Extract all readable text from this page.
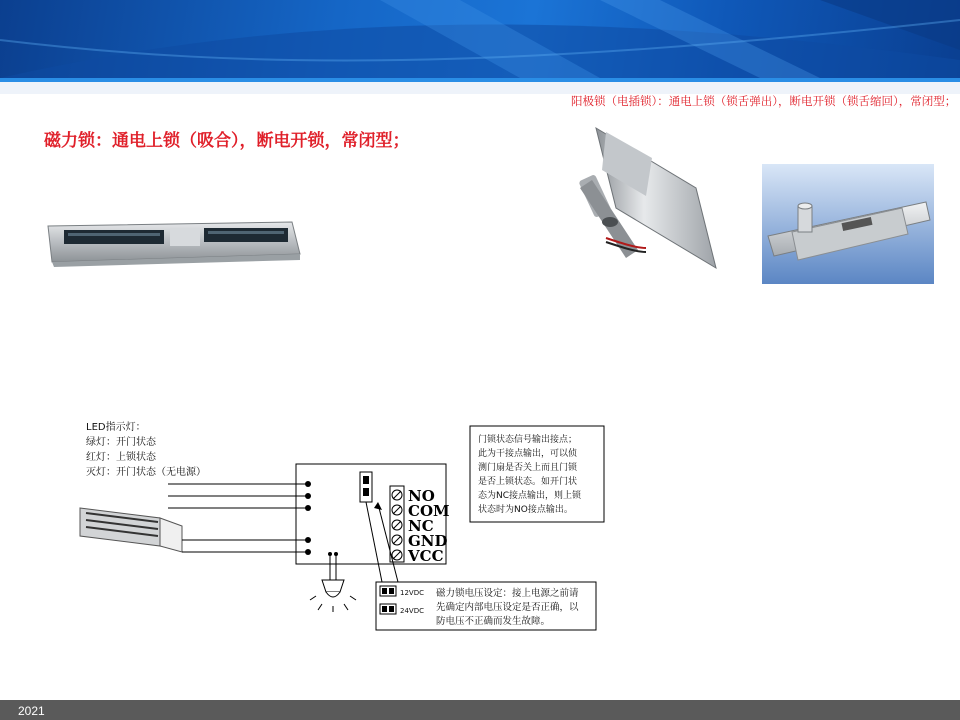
阳极锁（电插锁）：通电上锁（锁舌弹出），断电开锁（锁舌缩回），常闭型；
磁力锁：通电上锁（吸合），断电开锁，常闭型；
LED指示灯：
绿灯：开门状态
红灯：上锁状态
灭灯：开门状态（无电源）
NO
COM
NC
GND
VCC
门锁状态信号输出接点；
此为干接点输出，可以侦
测门扇是否关上而且门锁
是否上锁状态。如开门状
态为NC接点输出，则上锁
状态时为NO接点输出。
12VDC
24VDC
磁力锁电压设定：接上电源之前请
先确定内部电压设定是否正确，以
防电压不正确而发生故障。
2021
